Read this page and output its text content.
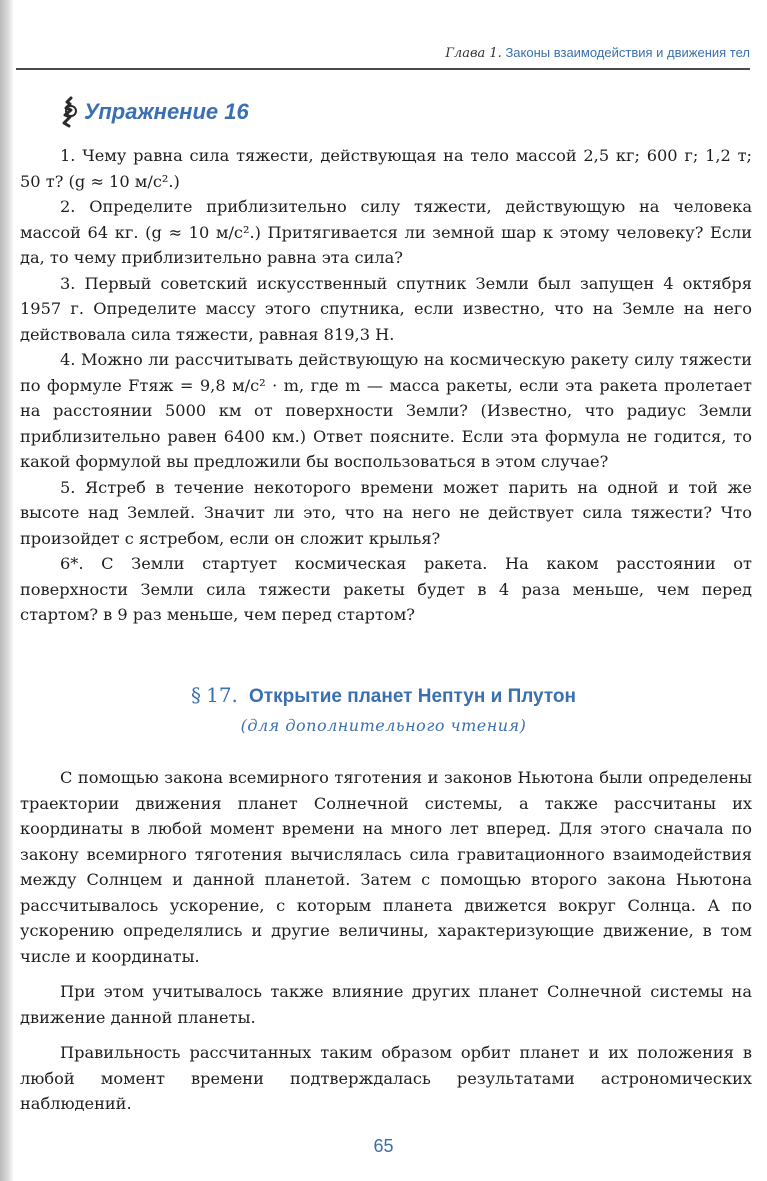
Глава 1. Законы взаимодействия и движения тел
Упражнение 16

1. Чему равна сила тяжести, действующая на тело массой 2,5 кг; 600 г; 1,2 т; 50 т? (g ≈ 10 м/с².)

2. Определите приблизительно силу тяжести, действующую на человека массой 64 кг. (g ≈ 10 м/с².) Притягивается ли земной шар к этому человеку? Если да, то чему приблизительно равна эта сила?

3. Первый советский искусственный спутник Земли был запущен 4 октября 1957 г. Определите массу этого спутника, если известно, что на Земле на него действовала сила тяжести, равная 819,3 Н.

4. Можно ли рассчитывать действующую на космическую ракету силу тяжести по формуле Fтяж = 9,8 м/с² · m, где m — масса ракеты, если эта ракета пролетает на расстоянии 5000 км от поверхности Земли? (Известно, что радиус Земли приблизительно равен 6400 км.) Ответ поясните. Если эта формула не годится, то какой формулой вы предложили бы воспользоваться в этом случае?

5. Ястреб в течение некоторого времени может парить на одной и той же высоте над Землей. Значит ли это, что на него не действует сила тяжести? Что произойдет с ястребом, если он сложит крылья?

6*. С Земли стартует космическая ракета. На каком расстоянии от поверхности Земли сила тяжести ракеты будет в 4 раза меньше, чем перед стартом? в 9 раз меньше, чем перед стартом?

§ 17. Открытие планет Нептун и Плутон
(для дополнительного чтения)

С помощью закона всемирного тяготения и законов Ньютона были определены траектории движения планет Солнечной системы, а также рассчитаны их координаты в любой момент времени на много лет вперед. Для этого сначала по закону всемирного тяготения вычислялась сила гравитационного взаимодействия между Солнцем и данной планетой. Затем с помощью второго закона Ньютона рассчитывалось ускорение, с которым планета движется вокруг Солнца. А по ускорению определялись и другие величины, характеризующие движение, в том числе и координаты.

При этом учитывалось также влияние других планет Солнечной системы на движение данной планеты.

Правильность рассчитанных таким образом орбит планет и их положения в любой момент времени подтверждалась результатами астрономических наблюдений.

65
